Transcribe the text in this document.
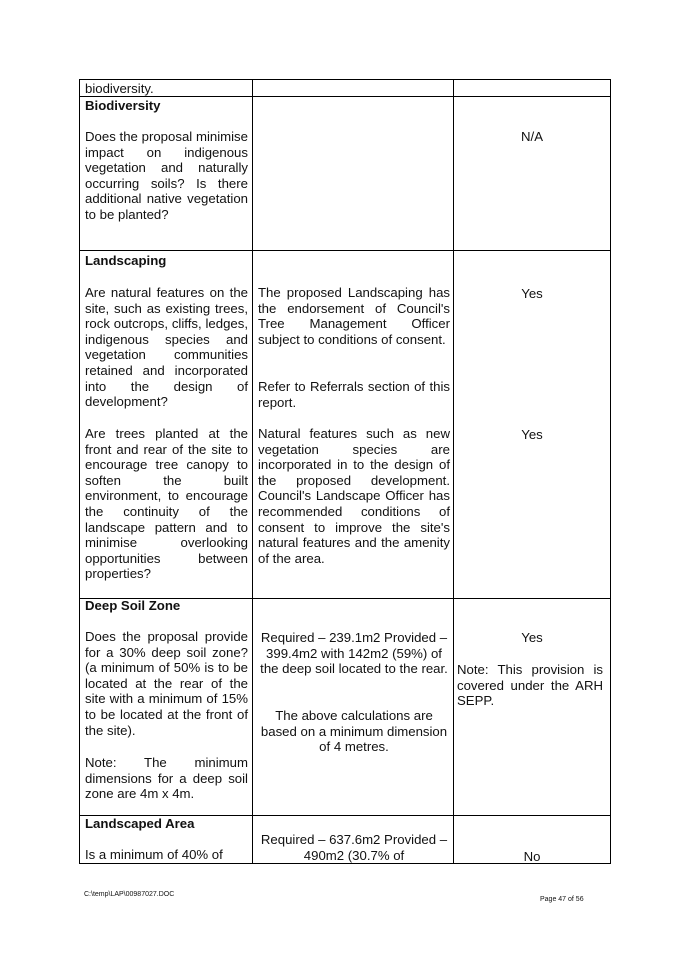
biodiversity.
Biodiversity
Does the proposal minimise impact on indigenous vegetation and naturally occurring soils? Is there additional native vegetation to be planted?
N/A
Landscaping
Are natural features on the site, such as existing trees, rock outcrops, cliffs, ledges, indigenous species and vegetation communities retained and incorporated into the design of development?
The proposed Landscaping has the endorsement of Council's Tree Management Officer subject to conditions of consent.
Refer to Referrals section of this report.
Yes
Are trees planted at the front and rear of the site to encourage tree canopy to soften the built environment, to encourage the continuity of the landscape pattern and to minimise overlooking opportunities between properties?
Natural features such as new vegetation species are incorporated in to the design of the proposed development. Council's Landscape Officer has recommended conditions of consent to improve the site's natural features and the amenity of the area.
Yes
Deep Soil Zone
Does the proposal provide for a 30% deep soil zone? (a minimum of 50% is to be located at the rear of the site with a minimum of 15% to be located at the front of the site).
Note: The minimum dimensions for a deep soil zone are 4m x 4m.
Required – 239.1m2 Provided – 399.4m2 with 142m2 (59%) of the deep soil located to the rear.
The above calculations are based on a minimum dimension of 4 metres.
Yes
Note: This provision is covered under the ARH SEPP.
Landscaped Area
Is a minimum of 40% of
Required – 637.6m2 Provided – 490m2 (30.7% of	No
C:\temp\LAP\00987027.DOC
Page 47 of 56
